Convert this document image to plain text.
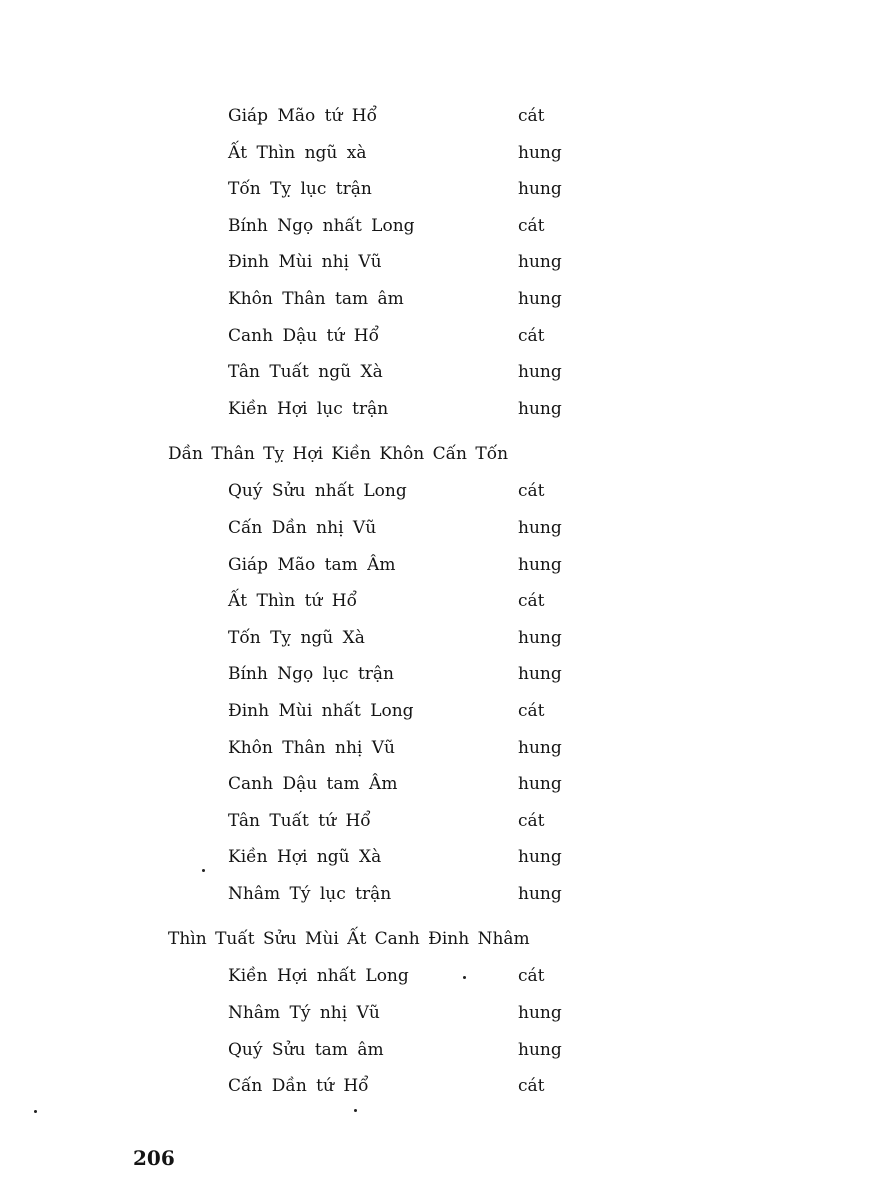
Giáp Mão tứ Hổ	cát
Ất Thìn ngũ xà	hung
Tốn Tỵ lục trận	hung
Bính Ngọ nhất Long	cát
Đinh Mùi nhị Vũ	hung
Khôn Thân tam âm	hung
Canh Dậu tứ Hổ	cát
Tân Tuất ngũ Xà	hung
Kiền Hợi lục trận	hung
Dần Thân Tỵ Hợi Kiền Khôn Cấn Tốn
Quý Sửu nhất Long	cát
Cấn Dần nhị Vũ	hung
Giáp Mão tam Âm	hung
Ất Thìn tứ Hổ	cát
Tốn Tỵ ngũ Xà	hung
Bính Ngọ lục trận	hung
Đinh Mùi nhất Long	cát
Khôn Thân nhị Vũ	hung
Canh Dậu tam Âm	hung
Tân Tuất tứ Hổ	cát
Kiền Hợi ngũ Xà	hung
Nhâm Tý lục trận	hung
Thìn Tuất Sửu Mùi Ất Canh Đinh Nhâm
Kiền Hợi nhất Long	cát
Nhâm Tý nhị Vũ	hung
Quý Sửu tam âm	hung
Cấn Dần tứ Hổ	cát
206
